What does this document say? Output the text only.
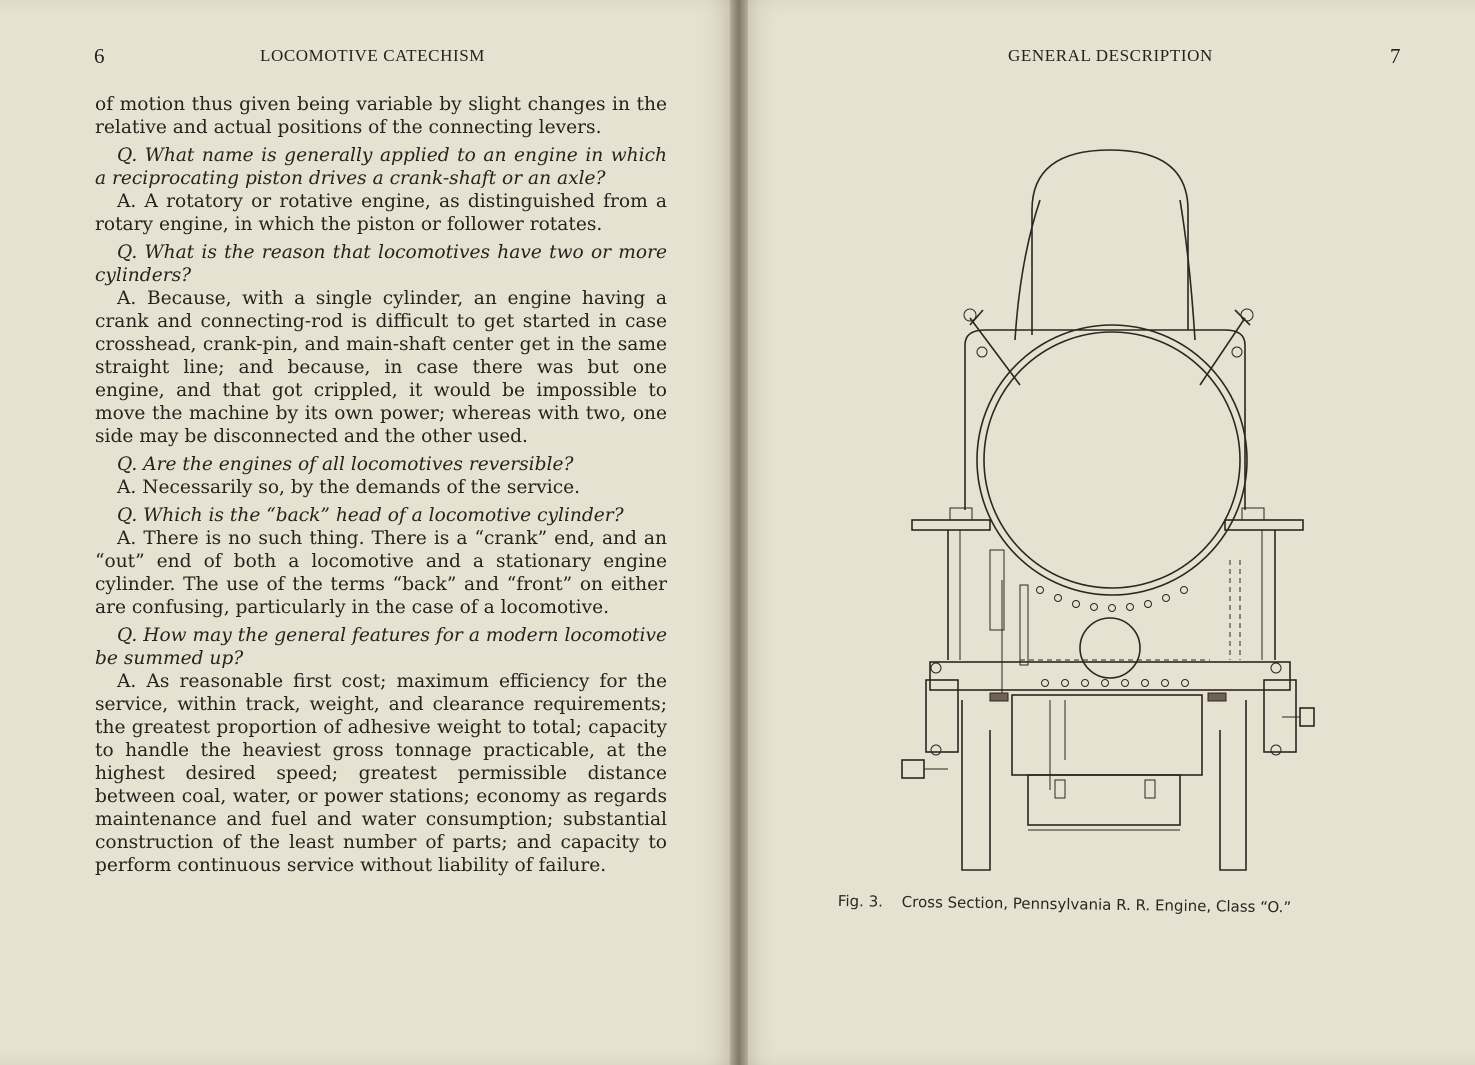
6	LOCOMOTIVE CATECHISM

of motion thus given being variable by slight changes in the relative and actual positions of the connecting levers.

Q. What name is generally applied to an engine in which a reciprocating piston drives a crank-shaft or an axle?

A. A rotatory or rotative engine, as distinguished from a rotary engine, in which the piston or follower rotates.

Q. What is the reason that locomotives have two or more cylinders?

A. Because, with a single cylinder, an engine having a crank and connecting-rod is difficult to get started in case crosshead, crank-pin, and main-shaft center get in the same straight line; and because, in case there was but one engine, and that got crippled, it would be impossible to move the machine by its own power; whereas with two, one side may be disconnected and the other used.

Q. Are the engines of all locomotives reversible?

A. Necessarily so, by the demands of the service.

Q. Which is the “back” head of a locomotive cylinder?

A. There is no such thing. There is a “crank” end, and an “out” end of both a locomotive and a stationary engine cylinder. The use of the terms “back” and “front” on either are confusing, particularly in the case of a locomotive.

Q. How may the general features for a modern locomotive be summed up?

A. As reasonable first cost; maximum efficiency for the service, within track, weight, and clearance requirements; the greatest proportion of adhesive weight to total; capacity to handle the heaviest gross tonnage practicable, at the highest desired speed; greatest permissible distance between coal, water, or power stations; economy as regards maintenance and fuel and water consumption; substantial construction of the least number of parts; and capacity to perform continuous service without liability of failure.

GENERAL DESCRIPTION	7
Fig. 3. Cross Section, Pennsylvania R. R. Engine, Class “O.”
